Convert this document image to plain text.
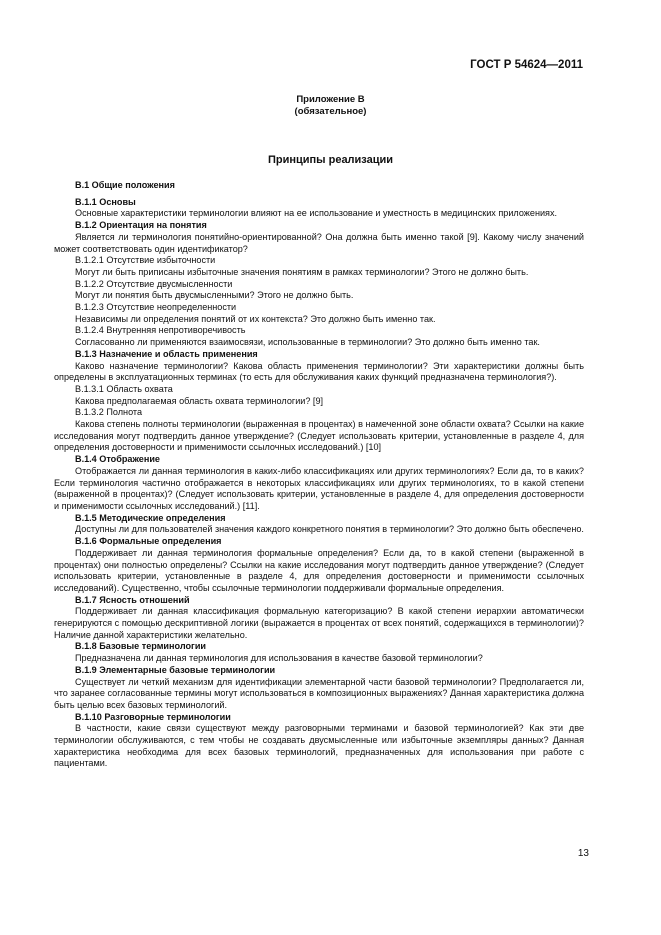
ГОСТ Р 54624—2011
Приложение В
(обязательное)
Принципы реализации

В.1 Общие положения

В.1.1 Основы

Основные характеристики терминологии влияют на ее использование и уместность в медицинских приложениях.

В.1.2 Ориентация на понятия

Является ли терминология понятийно-ориентированной? Она должна быть именно такой [9]. Какому числу значений может соответствовать один идентификатор?

В.1.2.1 Отсутствие избыточности

Могут ли быть приписаны избыточные значения понятиям в рамках терминологии? Этого не должно быть.

В.1.2.2 Отсутствие двусмысленности

Могут ли понятия быть двусмысленными? Этого не должно быть.

В.1.2.3 Отсутствие неопределенности

Независимы ли определения понятий от их контекста? Это должно быть именно так.

В.1.2.4 Внутренняя непротиворечивость

Согласованно ли применяются взаимосвязи, использованные в терминологии? Это должно быть именно так.

В.1.3 Назначение и область применения

Каково назначение терминологии? Какова область применения терминологии? Эти характеристики должны быть определены в эксплуатационных терминах (то есть для обслуживания каких функций предназначена терминология?).

В.1.3.1 Область охвата

Какова предполагаемая область охвата терминологии? [9]

В.1.3.2 Полнота

Какова степень полноты терминологии (выраженная в процентах) в намеченной зоне области охвата? Ссылки на какие исследования могут подтвердить данное утверждение? (Следует использовать критерии, установленные в разделе 4, для определения достоверности и применимости ссылочных исследований.) [10]

В.1.4 Отображение

Отображается ли данная терминология в каких-либо классификациях или других терминологиях? Если да, то в каких? Если терминология частично отображается в некоторых классификациях или других терминологиях, то в какой степени (выраженной в процентах)? (Следует использовать критерии, установленные в разделе 4, для определения достоверности и применимости ссылочных исследований.) [11].

В.1.5 Методические определения

Доступны ли для пользователей значения каждого конкретного понятия в терминологии? Это должно быть обеспечено.

В.1.6 Формальные определения

Поддерживает ли данная терминология формальные определения? Если да, то в какой степени (выраженной в процентах) они полностью определены? Ссылки на какие исследования могут подтвердить данное утверждение? (Следует использовать критерии, установленные в разделе 4, для определения достоверности и применимости ссылочных исследований). Существенно, чтобы ссылочные терминологии поддерживали формальные определения.

В.1.7 Ясность отношений

Поддерживает ли данная классификация формальную категоризацию? В какой степени иерархии автоматически генерируются с помощью дескриптивной логики (выражается в процентах от всех понятий, содержащихся в терминологии)? Наличие данной характеристики желательно.

В.1.8 Базовые терминологии

Предназначена ли данная терминология для использования в качестве базовой терминологии?

В.1.9 Элементарные базовые терминологии

Существует ли четкий механизм для идентификации элементарной части базовой терминологии? Предполагается ли, что заранее согласованные термины могут использоваться в композиционных выражениях? Данная характеристика должна быть целью всех базовых терминологий.

В.1.10 Разговорные терминологии

В частности, какие связи существуют между разговорными терминами и базовой терминологией? Как эти две терминологии обслуживаются, с тем чтобы не создавать двусмысленные или избыточные экземпляры данных? Данная характеристика необходима для всех базовых терминологий, предназначенных для использования при работе с пациентами.

13
